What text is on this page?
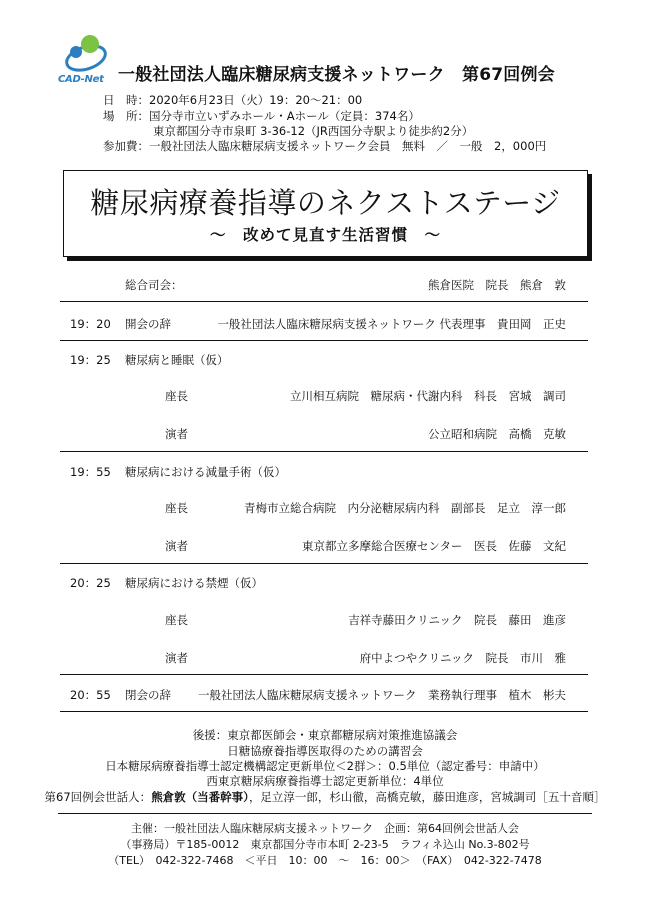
CAD-Net 一般社団法人臨床糖尿病支援ネットワーク　第67回例会
日　時：2020年6月23日（火）19：20～21：00
場　所：国分寺市立いずみホール・Aホール（定員：374名）
東京都国分寺市泉町 3-36-12（JR西国分寺駅より徒歩約2分）
参加費：一般社団法人臨床糖尿病支援ネットワーク会員　無料　／　一般　2，000円
糖尿病療養指導のネクストステージ
～　改めて見直す生活習慣　～
総合司会：	熊倉医院　院長　熊倉　敦
19：20 開会の辞	一般社団法人臨床糖尿病支援ネットワーク 代表理事　貴田岡　正史
19：25 糖尿病と睡眠（仮）
座長	立川相互病院　糖尿病・代謝内科　科長　宮城　調司
演者	公立昭和病院　高橋　克敏
19：55 糖尿病における減量手術（仮）
座長	青梅市立総合病院　内分泌糖尿病内科　副部長　足立　淳一郎
演者	東京都立多摩総合医療センター　医長　佐藤　文紀
20：25 糖尿病における禁煙（仮）
座長	吉祥寺藤田クリニック　院長　藤田　進彦
演者	府中よつやクリニック　院長　市川　雅
20：55 閉会の辞 一般社団法人臨床糖尿病支援ネットワーク　業務執行理事　植木　彬夫
後援：東京都医師会・東京都糖尿病対策推進協議会
日糖協療養指導医取得のための講習会
日本糖尿病療養指導士認定機構認定更新単位＜2群＞：0.5単位（認定番号：申請中）
西東京糖尿病療養指導士認定更新単位：4単位
第67回例会世話人：熊倉敦（当番幹事），足立淳一郎，杉山徹，高橋克敏，藤田進彦，宮城調司［五十音順］
主催：一般社団法人臨床糖尿病支援ネットワーク　企画：第64回例会世話人会
（事務局）〒185-0012　東京都国分寺市本町 2-23-5　ラフィネ込山 No.3-802号
（TEL）　042-322-7468　＜平日　10：00　～　16：00＞　（FAX）　042-322-7478
